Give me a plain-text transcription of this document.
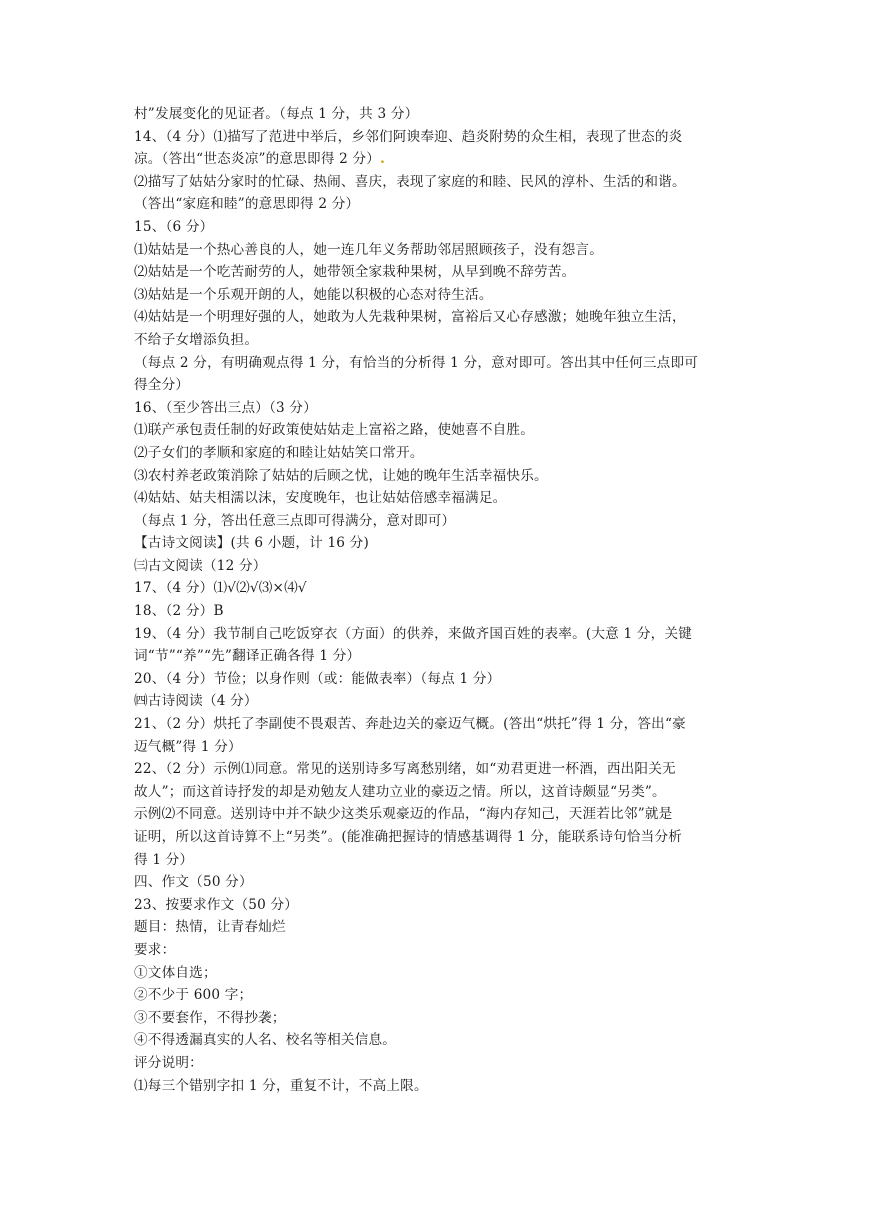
村”发展变化的见证者。（每点 1 分，共 3 分）
14、（4 分）⑴描写了范进中举后，乡邻们阿谀奉迎、趋炎附势的众生相，表现了世态的炎
凉。（答出“世态炎凉”的意思即得 2 分）.
⑵描写了姑姑分家时的忙碌、热闹、喜庆，表现了家庭的和睦、民风的淳朴、生活的和谐。
（答出“家庭和睦”的意思即得 2 分）
15、（6 分）
⑴姑姑是一个热心善良的人，她一连几年义务帮助邻居照顾孩子，没有怨言。
⑵姑姑是一个吃苦耐劳的人，她带领全家栽种果树，从早到晚不辞劳苦。
⑶姑姑是一个乐观开朗的人，她能以积极的心态对待生活。
⑷姑姑是一个明理好强的人，她敢为人先栽种果树，富裕后又心存感激；她晚年独立生活，
不给子女增添负担。
（每点 2 分，有明确观点得 1 分，有恰当的分析得 1 分，意对即可。答出其中任何三点即可
得全分）
16、（至少答出三点）（3 分）
⑴联产承包责任制的好政策使姑姑走上富裕之路，使她喜不自胜。
⑵子女们的孝顺和家庭的和睦让姑姑笑口常开。
⑶农村养老政策消除了姑姑的后顾之忧，让她的晚年生活幸福快乐。
⑷姑姑、姑夫相濡以沫，安度晚年，也让姑姑倍感幸福满足。
（每点 1 分，答出任意三点即可得满分，意对即可）
【古诗文阅读】(共 6 小题，计 16 分)
㈢古文阅读（12 分）
17、（4 分）⑴√⑵√⑶×⑷√
18、（2 分）B
19、（4 分）我节制自己吃饭穿衣（方面）的供养，来做齐国百姓的表率。(大意 1 分，关键
词“节”“养”“先”翻译正确各得 1 分）
20、（4 分）节俭；以身作则（或：能做表率）（每点 1 分）
㈣古诗阅读（4 分）
21、（2 分）烘托了李副使不畏艰苦、奔赴边关的豪迈气概。(答出“烘托”得 1 分，答出“豪
迈气概”得 1 分）
22、（2 分）示例⑴同意。常见的送别诗多写离愁别绪，如“劝君更进一杯酒，西出阳关无
故人”；而这首诗抒发的却是劝勉友人建功立业的豪迈之情。所以，这首诗颇显“另类”。
示例⑵不同意。送别诗中并不缺少这类乐观豪迈的作品，“海内存知己，天涯若比邻”就是
证明，所以这首诗算不上“另类”。(能准确把握诗的情感基调得 1 分，能联系诗句恰当分析
得 1 分）
四、作文（50 分）
23、按要求作文（50 分）
题目：热情，让青春灿烂
要求：
①文体自选；
②不少于 600 字；
③不要套作，不得抄袭；
④不得透漏真实的人名、校名等相关信息。
评分说明：
⑴每三个错别字扣 1 分，重复不计，不高上限。
